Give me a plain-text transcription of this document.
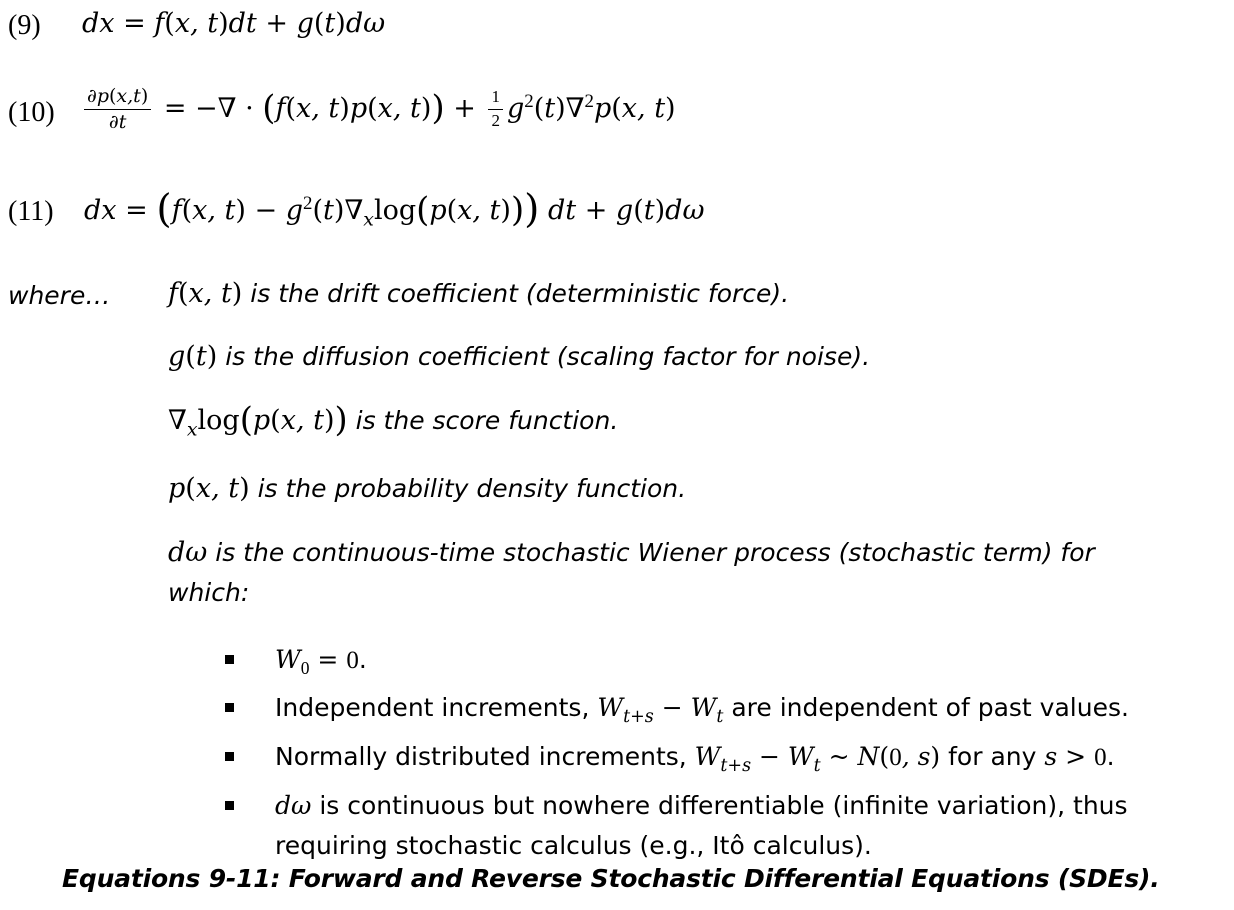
(9) dx = f(x, t)dt + g(t)dω
$(10) \frac{\partial p(x,t)}{\partial t}$ = −∇ · (f(x, t)p(x, $t)) + \frac{1}{2} g^2(t)\nabla^2p(x$, t)
(11) dx = (f(x, $t) - g^2(t)\nabla_x\log(p(x$, t))) dt + g(t)dω
where… f(x, t) is the drift coefficient (deterministic force).
g(t) is the diffusion coefficient (scaling factor for noise).
$\nabla_x\log(p(x$, t)) is the score function.
p(x, t) is the probability density function.
dω is the continuous-time stochastic Wiener process (stochastic term) for
which:
$W_0 = 0$.
Independent increments, $W_{t+s} - W_t$ are independent of past values.
Normally distributed increments, $W_{t+s} - W_t$ ~ N(0, s) for any s > 0.
dω is continuous but nowhere differentiable (infinite variation), thus
requiring stochastic calculus (e.g., Itô calculus).
Equations 9-11: Forward and Reverse Stochastic Differential Equations (SDEs).
